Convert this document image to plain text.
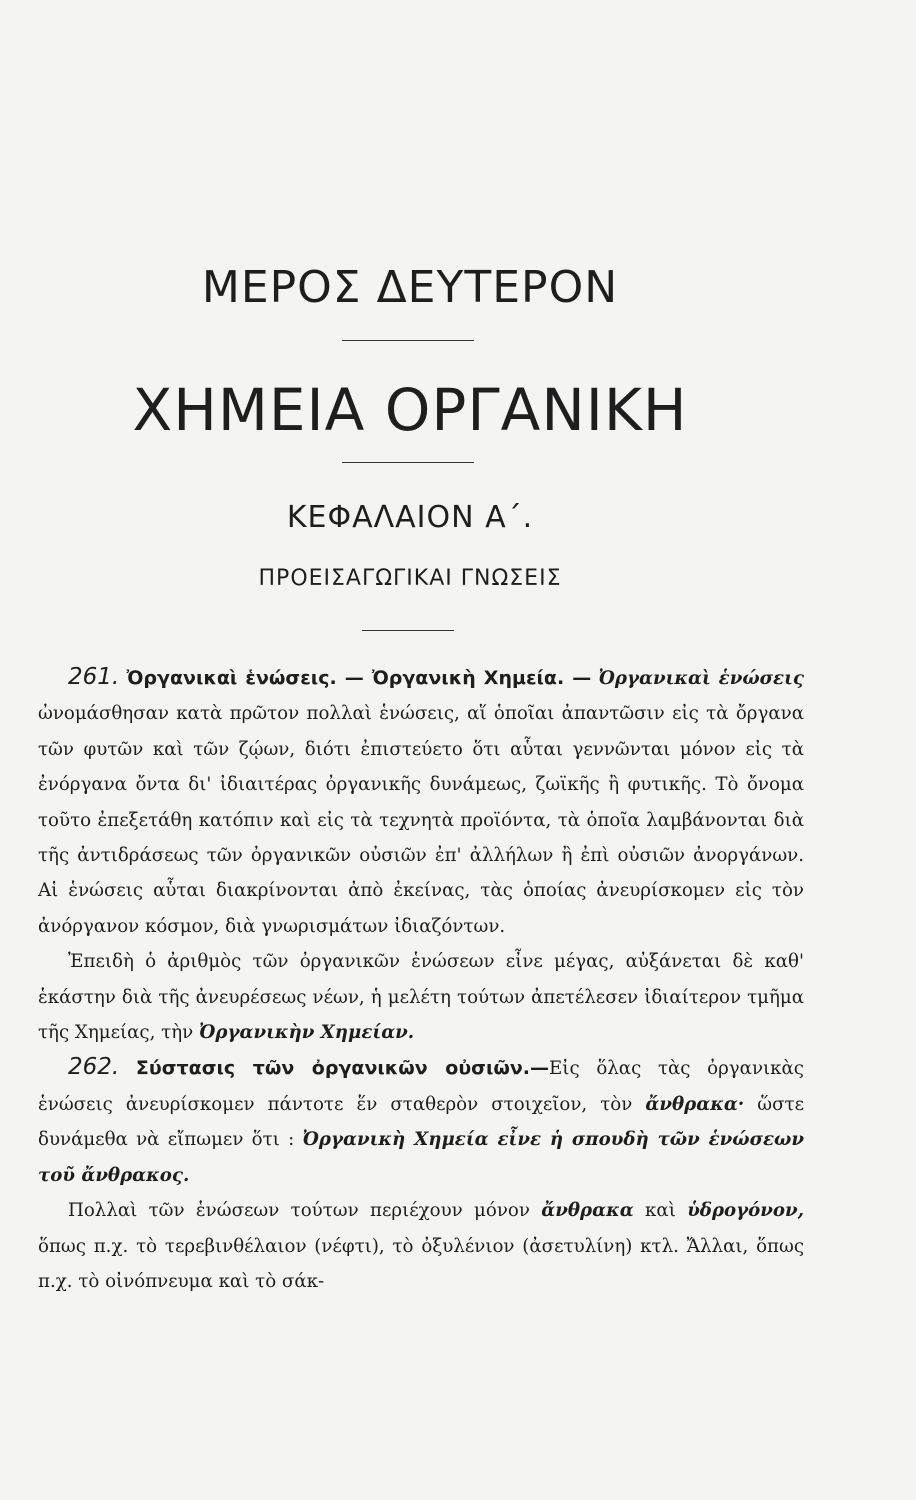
ΜΕΡΟΣ ΔΕΥΤΕΡΟΝ
ΧΗΜΕΙΑ ΟΡΓΑΝΙΚΗ
ΚΕΦΑΛΑΙΟΝ Α΄.
ΠΡΟΕΙΣΑΓΩΓΙΚΑΙ ΓΝΩΣΕΙΣ

261. Ὀργανικαὶ ἑνώσεις. — Ὀργανικὴ Χημεία. — Ὀργανικαὶ ἑνώσεις ὠνομάσθησαν κατὰ πρῶτον πολλαὶ ἑνώσεις, αἵ ὁποῖαι ἀπαντῶσιν εἰς τὰ ὄργανα τῶν φυτῶν καὶ τῶν ζῴων, διότι ἐπιστεύετο ὅτι αὗται γεννῶνται μόνον εἰς τὰ ἐνόργανα ὄντα δι' ἰδιαιτέρας ὀργανικῆς δυνάμεως, ζωϊκῆς ἢ φυτικῆς. Τὸ ὄνομα τοῦτο ἐπεξετάθη κατόπιν καὶ εἰς τὰ τεχνητὰ προϊόντα, τὰ ὁποῖα λαμβάνονται διὰ τῆς ἀντιδράσεως τῶν ὀργανικῶν οὐσιῶν ἐπ' ἀλλήλων ἢ ἐπὶ οὐσιῶν ἀνοργάνων. Αἱ ἑνώσεις αὗται διακρίνονται ἀπὸ ἐκείνας, τὰς ὁποίας ἀνευρίσκομεν εἰς τὸν ἀνόργανον κόσμον, διὰ γνωρισμάτων ἰδιαζόντων.

Ἐπειδὴ ὁ ἀριθμὸς τῶν ὀργανικῶν ἑνώσεων εἶνε μέγας, αὐξάνεται δὲ καθ' ἑκάστην διὰ τῆς ἀνευρέσεως νέων, ἡ μελέτη τούτων ἀπετέλεσεν ἰδιαίτερον τμῆμα τῆς Χημείας, τὴν Ὀργανικὴν Χημείαν.

262. Σύστασις τῶν ὀργανικῶν οὐσιῶν.—Εἰς ὅλας τὰς ὀργανικὰς ἑνώσεις ἀνευρίσκομεν πάντοτε ἕν σταθερὸν στοιχεῖον, τὸν ἄνθρακα· ὥστε δυνάμεθα νὰ εἴπωμεν ὅτι : Ὀργανικὴ Χημεία εἶνε ἡ σπουδὴ τῶν ἑνώσεων τοῦ ἄνθρακος.

Πολλαὶ τῶν ἑνώσεων τούτων περιέχουν μόνον ἄνθρακα καὶ ὑδρογόνον, ὅπως π.χ. τὸ τερεβινθέλαιον (νέφτι), τὸ ὀξυλένιον (ἀσετυλίνη) κτλ. Ἄλλαι, ὅπως π.χ. τὸ οἰνόπνευμα καὶ τὸ σάκ-
